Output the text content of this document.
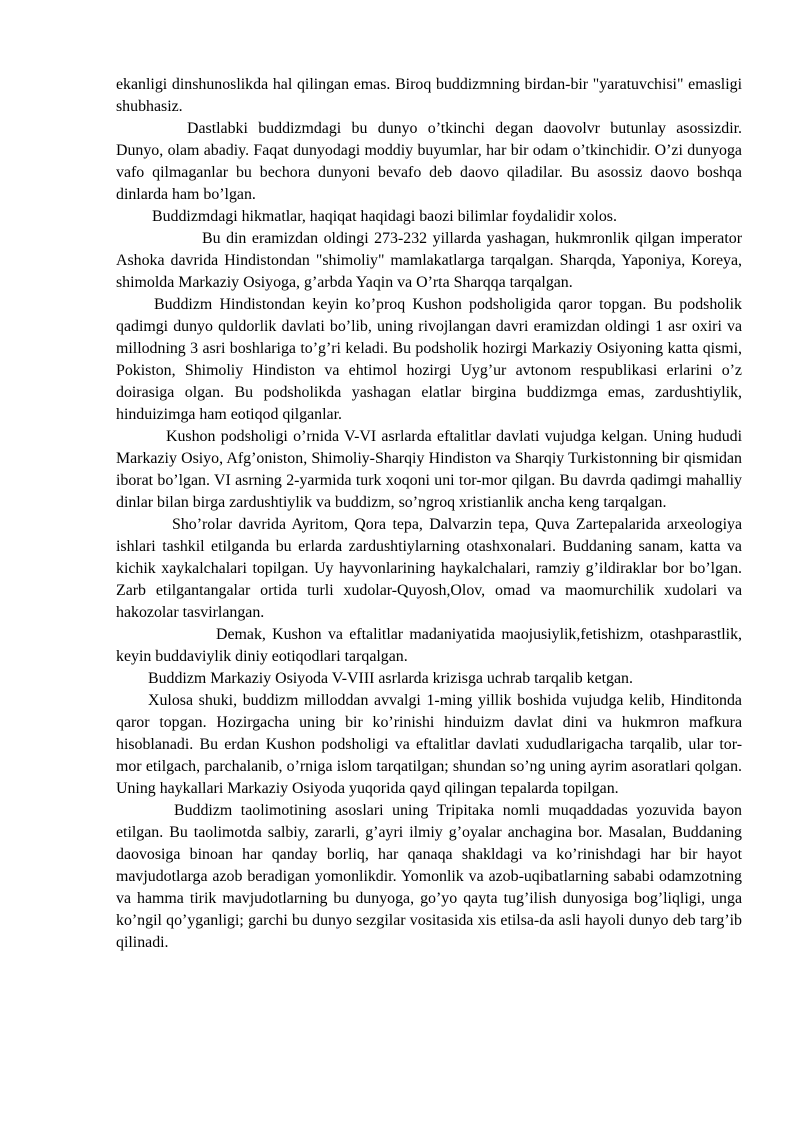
ekanligi dinshunoslikda hal qilingan emas. Biroq buddizmning birdan-bir "yaratuvchisi" emasligi shubhasiz.

Dastlabki buddizmdagi bu dunyo o’tkinchi degan daovolvr butunlay asossizdir. Dunyo, olam abadiy. Faqat dunyodagi moddiy buyumlar, har bir odam o’tkinchidir. O’zi dunyoga vafo qilmaganlar bu bechora dunyoni bevafo deb daovo qiladilar. Bu asossiz daovo boshqa dinlarda ham bo’lgan.

Buddizmdagi hikmatlar, haqiqat haqidagi baozi bilimlar foydalidir xolos.

Bu din eramizdan oldingi 273-232 yillarda yashagan, hukmronlik qilgan imperator Ashoka davrida Hindistondan "shimoliy" mamlakatlarga tarqalgan. Sharqda, Yaponiya, Koreya, shimolda Markaziy Osiyoga, g’arbda Yaqin va O’rta Sharqqa tarqalgan.

Buddizm Hindistondan keyin ko’proq Kushon podsholigida qaror topgan. Bu podsholik qadimgi dunyo quldorlik davlati bo’lib, uning rivojlangan davri eramizdan oldingi 1 asr oxiri va millodning 3 asri boshlariga to’g’ri keladi. Bu podsholik hozirgi Markaziy Osiyoning katta qismi, Pokiston, Shimoliy Hindiston va ehtimol hozirgi Uyg’ur avtonom respublikasi erlarini o’z doirasiga olgan. Bu podsholikda yashagan elatlar birgina buddizmga emas, zardushtiylik, hinduizimga ham eotiqod qilganlar.

Kushon podsholigi o’rnida V-VI asrlarda eftalitlar davlati vujudga kelgan. Uning hududi Markaziy Osiyo, Afg’oniston, Shimoliy-Sharqiy Hindiston va Sharqiy Turkistonning bir qismidan iborat bo’lgan. VI asrning 2-yarmida turk xoqoni uni tor-mor qilgan. Bu davrda qadimgi mahalliy dinlar bilan birga zardushtiylik va buddizm, so’ngroq xristianlik ancha keng tarqalgan.

Sho’rolar davrida Ayritom, Qora tepa, Dalvarzin tepa, Quva Zartepalarida arxeologiya ishlari tashkil etilganda bu erlarda zardushtiylarning otashxonalari. Buddaning sanam, katta va kichik xaykalchalari topilgan. Uy hayvonlarining haykalchalari, ramziy g’ildiraklar bor bo’lgan. Zarb etilgantangalar ortida turli xudolar-Quyosh,Olov, omad va maomurchilik xudolari va hakozolar tasvirlangan.

Demak, Kushon va eftalitlar madaniyatida maojusiylik,fetishizm, otashparastlik, keyin buddaviylik diniy eotiqodlari tarqalgan.

Buddizm Markaziy Osiyoda V-VIII asrlarda krizisga uchrab tarqalib ketgan.

Xulosa shuki, buddizm milloddan avvalgi 1-ming yillik boshida vujudga kelib, Hinditonda qaror topgan. Hozirgacha uning bir ko’rinishi hinduizm davlat dini va hukmron mafkura hisoblanadi. Bu erdan Kushon podsholigi va eftalitlar davlati xududlarigacha tarqalib, ular tor-mor etilgach, parchalanib, o’rniga islom tarqatilgan; shundan so’ng uning ayrim asoratlari qolgan. Uning haykallari Markaziy Osiyoda yuqorida qayd qilingan tepalarda topilgan.

Buddizm taolimotining asoslari uning Tripitaka nomli muqaddadas yozuvida bayon etilgan. Bu taolimotda salbiy, zararli, g’ayri ilmiy g’oyalar anchagina bor. Masalan, Buddaning daovosiga binoan har qanday borliq, har qanaqa shakldagi va ko’rinishdagi har bir hayot mavjudotlarga azob beradigan yomonlikdir. Yomonlik va azob-uqibatlarning sababi odamzotning va hamma tirik mavjudotlarning bu dunyoga, go’yo qayta tug’ilish dunyosiga bog’liqligi, unga ko’ngil qo’yganligi; garchi bu dunyo sezgilar vositasida xis etilsa-da asli hayoli dunyo deb targ’ib qilinadi.
